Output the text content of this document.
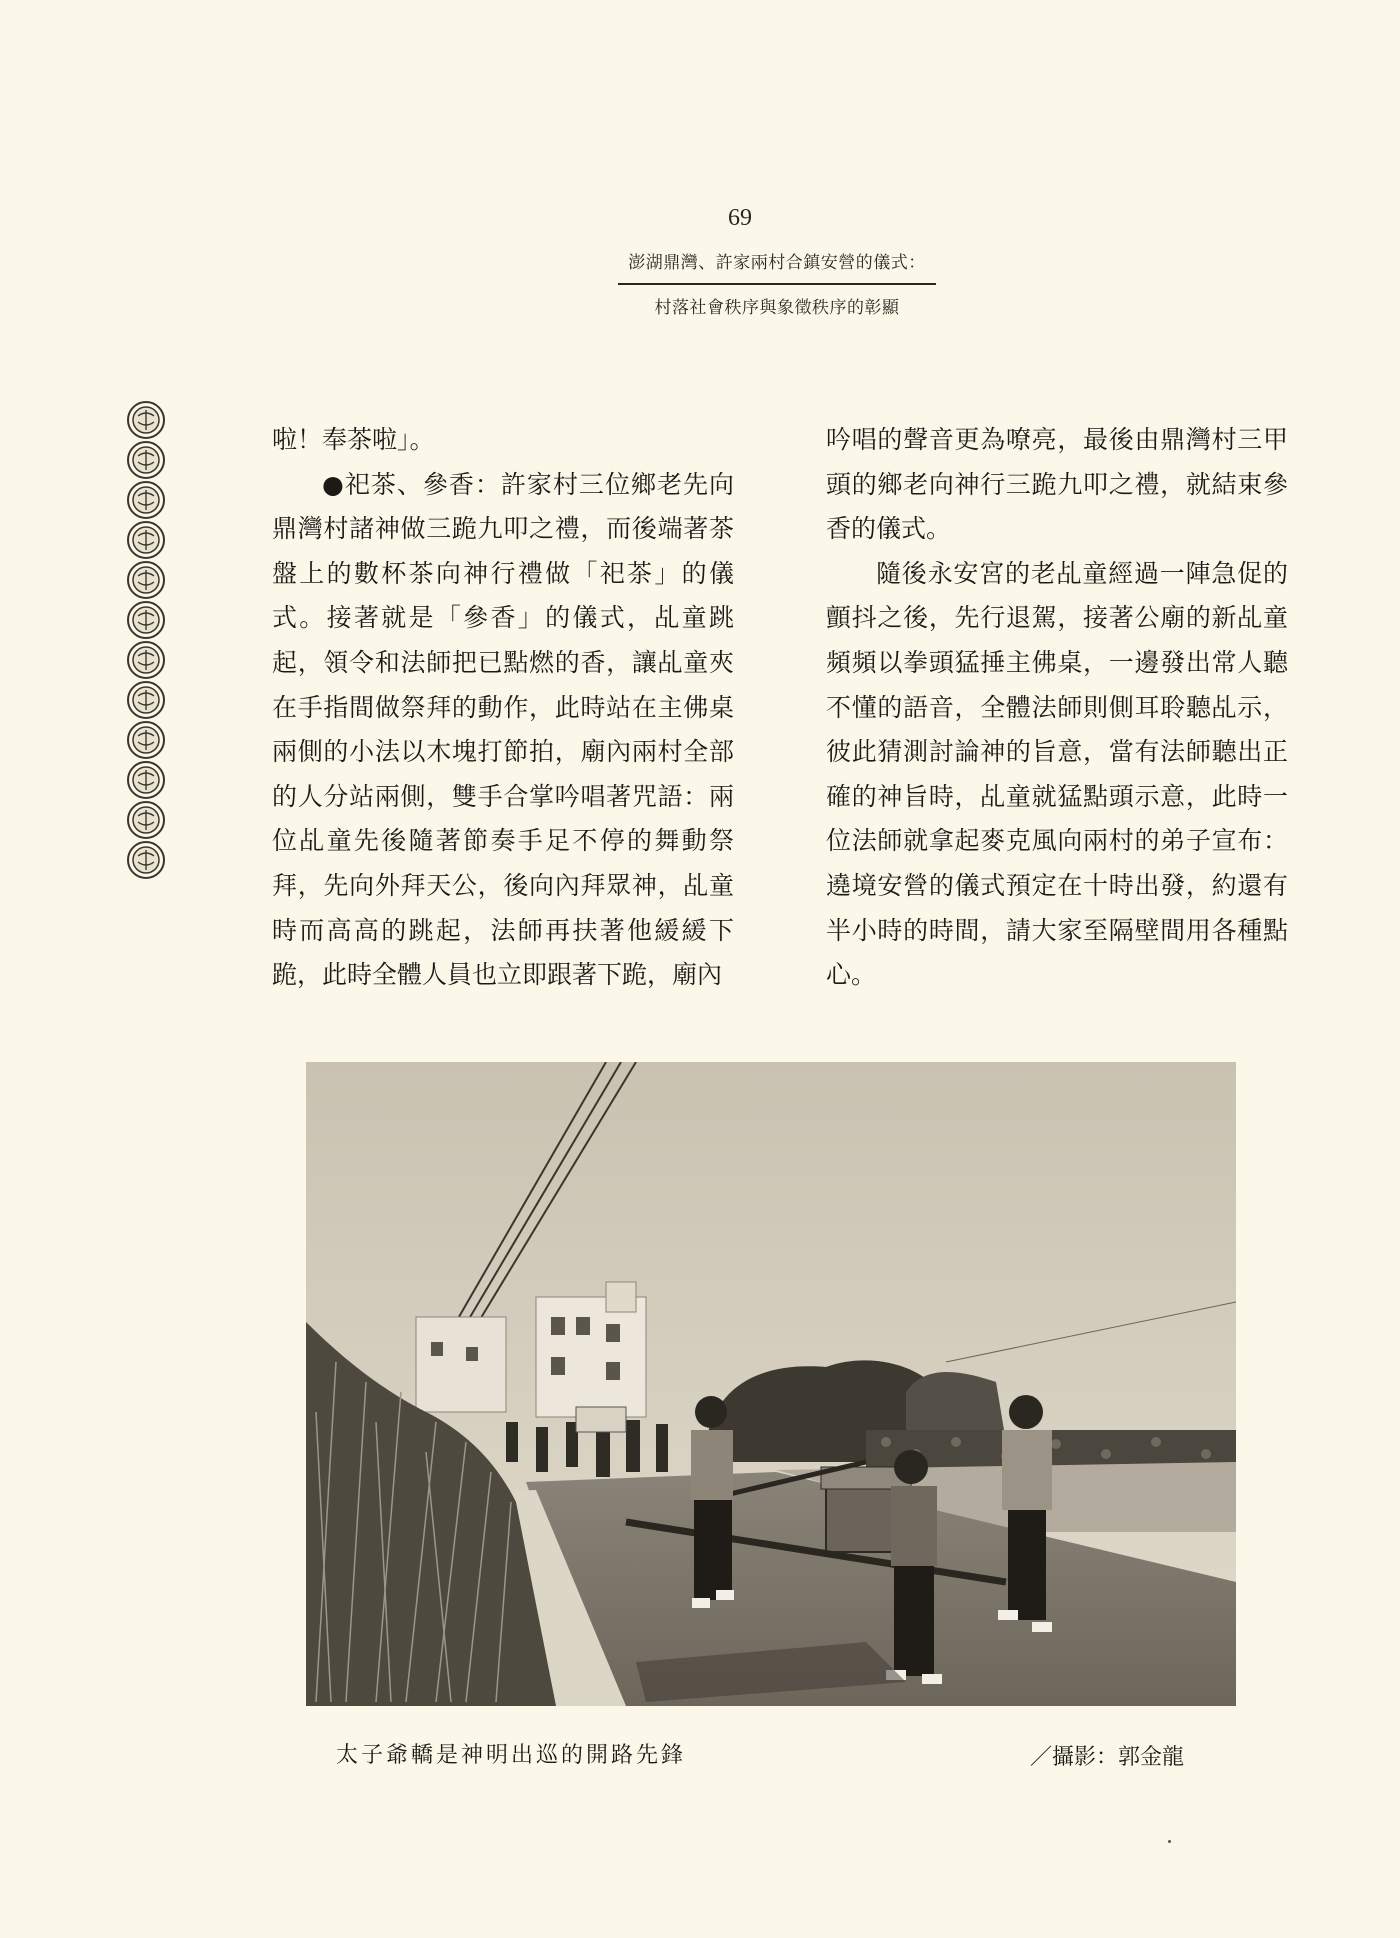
69
澎湖鼎灣、許家兩村合鎮安營的儀式：
村落社會秩序與象徵秩序的彰顯

啦！奉茶啦」。

●祀茶、參香：許家村三位鄉老先向鼎灣村諸神做三跪九叩之禮，而後端著茶盤上的數杯茶向神行禮做「祀茶」的儀式。接著就是「參香」的儀式，乩童跳起，領令和法師把已點燃的香，讓乩童夾在手指間做祭拜的動作，此時站在主佛桌兩側的小法以木塊打節拍，廟內兩村全部的人分站兩側，雙手合掌吟唱著咒語：兩位乩童先後隨著節奏手足不停的舞動祭拜，先向外拜天公，後向內拜眾神，乩童時而高高的跳起，法師再扶著他緩緩下跪，此時全體人員也立即跟著下跪，廟內

吟唱的聲音更為嘹亮，最後由鼎灣村三甲頭的鄉老向神行三跪九叩之禮，就結束參香的儀式。

隨後永安宮的老乩童經過一陣急促的顫抖之後，先行退駕，接著公廟的新乩童頻頻以拳頭猛捶主佛桌，一邊發出常人聽不懂的語音，全體法師則側耳聆聽乩示，彼此猜測討論神的旨意，當有法師聽出正確的神旨時，乩童就猛點頭示意，此時一位法師就拿起麥克風向兩村的弟子宣布：遶境安營的儀式預定在十時出發，約還有半小時的時間，請大家至隔壁間用各種點心。

太子爺轎是神明出巡的開路先鋒	／攝影：郭金龍
